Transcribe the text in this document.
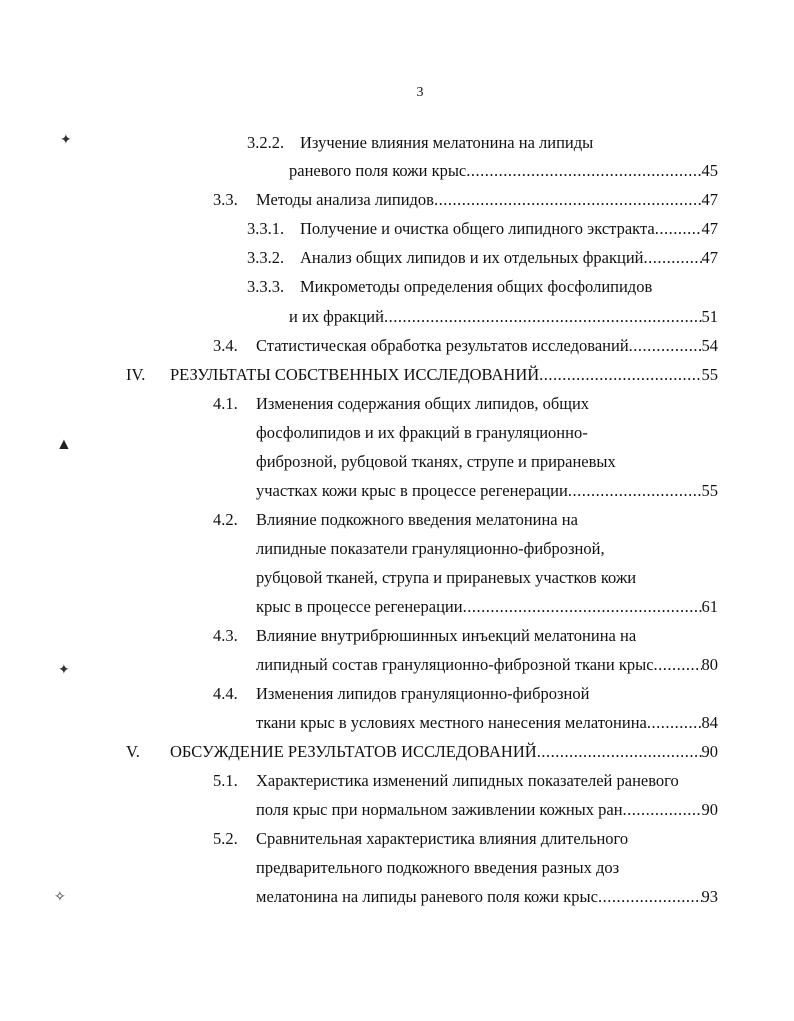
3
3.2.2. Изучение влияния мелатонина на липиды
раневого поля кожи крыс .....	45
3.3. Методы анализа липидов .....	47
3.3.1. Получение и очистка общего липидного экстракта .....	47
3.3.2. Анализ общих липидов и их отдельных фракций .....	47
3.3.3. Микрометоды определения общих фосфолипидов
и их фракций .....	51
3.4. Статистическая обработка результатов исследований .....	54
IV. РЕЗУЛЬТАТЫ СОБСТВЕННЫХ ИССЛЕДОВАНИЙ .....	55
4.1. Изменения содержания общих липидов, общих
фосфолипидов и их фракций в грануляционно-
фиброзной, рубцовой тканях, струпе и прираневых
участках кожи крыс в процессе регенерации .....	55
4.2. Влияние подкожного введения мелатонина на
липидные показатели грануляционно-фиброзной,
рубцовой тканей, струпа и прираневых участков кожи
крыс в процессе регенерации .....	61
4.3. Влияние внутрибрюшинных инъекций мелатонина на
липидный состав грануляционно-фиброзной ткани крыс .....	80
4.4. Изменения липидов грануляционно-фиброзной
ткани крыс в условиях местного нанесения мелатонина .....	84
V. ОБСУЖДЕНИЕ РЕЗУЛЬТАТОВ ИССЛЕДОВАНИЙ .....	90
5.1. Характеристика изменений липидных показателей раневого
поля крыс при нормальном заживлении кожных ран .....	90
5.2. Сравнительная характеристика влияния длительного
предварительного подкожного введения разных доз
мелатонина на липиды раневого поля кожи крыс .....	93
✦
▲
✦
✧
